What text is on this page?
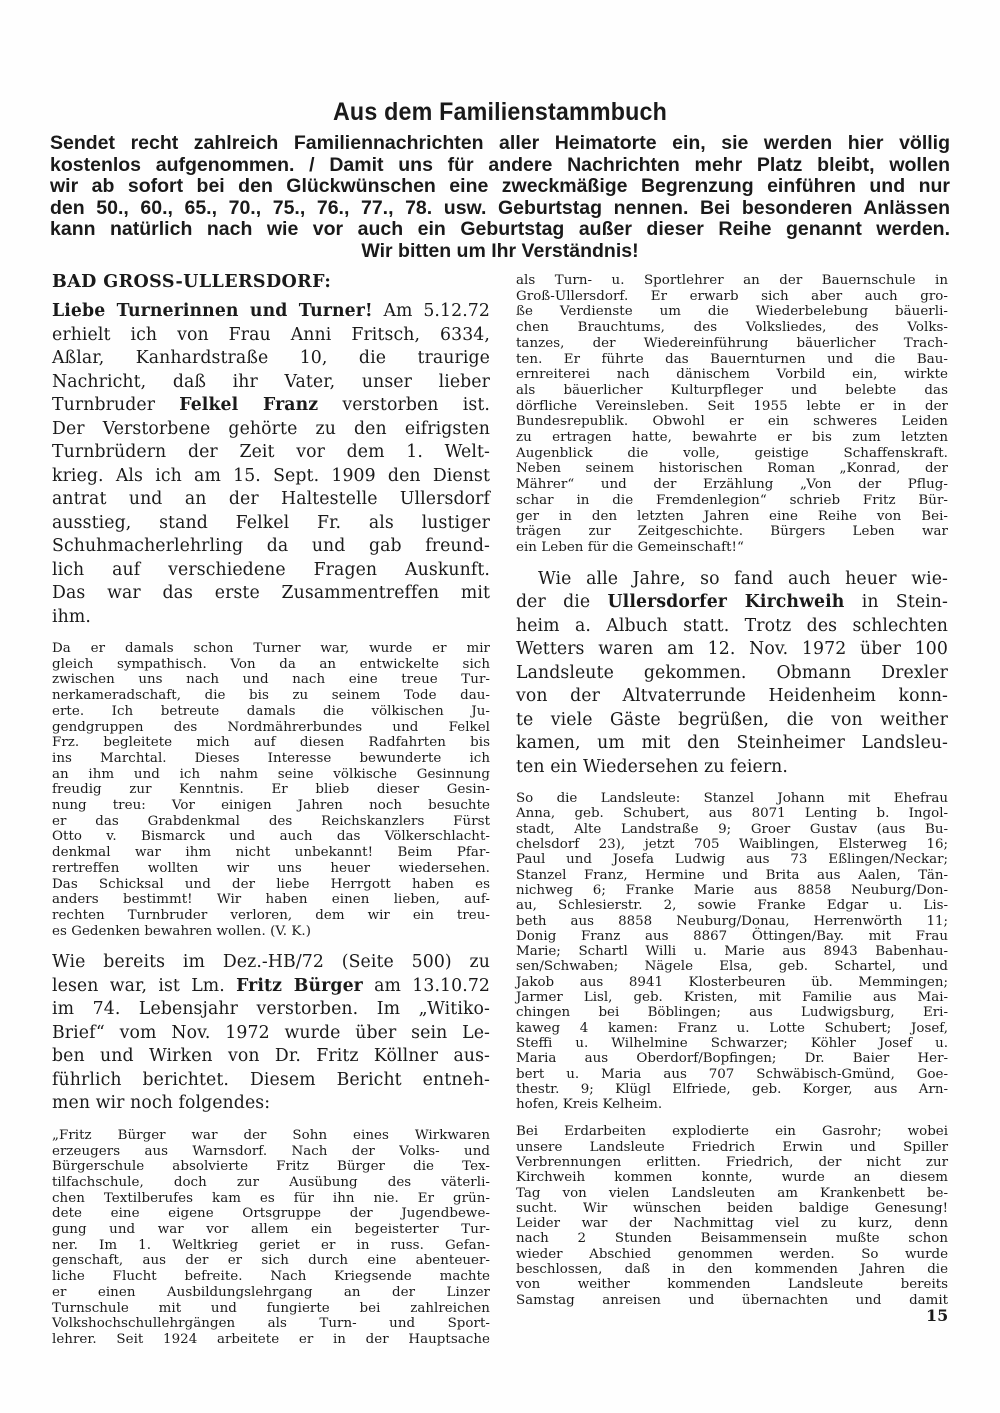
Aus dem Familienstammbuch
Sendet recht zahlreich Familiennachrichten aller Heimatorte ein, sie werden hier völlig
kostenlos aufgenommen. / Damit uns für andere Nachrichten mehr Platz bleibt, wollen
wir ab sofort bei den Glückwünschen eine zweckmäßige Begrenzung einführen und nur
den 50., 60., 65., 70., 75., 76., 77., 78. usw. Geburtstag nennen. Bei besonderen Anlässen
kann natürlich nach wie vor auch ein Geburtstag außer dieser Reihe genannt werden.
Wir bitten um Ihr Verständnis!
BAD GROSS-ULLERSDORF:
Liebe Turnerinnen und Turner! Am 5.12.72
erhielt ich von Frau Anni Fritsch, 6334,
Aßlar, Kanhardstraße 10, die traurige
Nachricht, daß ihr Vater, unser lieber
Turnbruder Felkel Franz verstorben ist.
Der Verstorbene gehörte zu den eifrigsten
Turnbrüdern der Zeit vor dem 1. Welt-
krieg. Als ich am 15. Sept. 1909 den Dienst
antrat und an der Haltestelle Ullersdorf
ausstieg, stand Felkel Fr. als lustiger
Schuhmacherlehrling da und gab freund-
lich auf verschiedene Fragen Auskunft.
Das war das erste Zusammentreffen mit
ihm.
Da er damals schon Turner war, wurde er mir
gleich sympathisch. Von da an entwickelte sich
zwischen uns nach und nach eine treue Tur-
nerkameradschaft, die bis zu seinem Tode dau-
erte. Ich betreute damals die völkischen Ju-
gendgruppen des Nordmährerbundes und Felkel
Frz. begleitete mich auf diesen Radfahrten bis
ins Marchtal. Dieses Interesse bewunderte ich
an ihm und ich nahm seine völkische Gesinnung
freudig zur Kenntnis. Er blieb dieser Gesin-
nung treu: Vor einigen Jahren noch besuchte
er das Grabdenkmal des Reichskanzlers Fürst
Otto v. Bismarck und auch das Völkerschlacht-
denkmal war ihm nicht unbekannt! Beim Pfar-
rertreffen wollten wir uns heuer wiedersehen.
Das Schicksal und der liebe Herrgott haben es
anders bestimmt! Wir haben einen lieben, auf-
rechten Turnbruder verloren, dem wir ein treu-
es Gedenken bewahren wollen. (V. K.)
Wie bereits im Dez.-HB/72 (Seite 500) zu
lesen war, ist Lm. Fritz Bürger am 13.10.72
im 74. Lebensjahr verstorben. Im „Witiko-
Brief“ vom Nov. 1972 wurde über sein Le-
ben und Wirken von Dr. Fritz Köllner aus-
führlich berichtet. Diesem Bericht entneh-
men wir noch folgendes:
„Fritz Bürger war der Sohn eines Wirkwaren
erzeugers aus Warnsdorf. Nach der Volks- und
Bürgerschule absolvierte Fritz Bürger die Tex-
tilfachschule, doch zur Ausübung des väterli-
chen Textilberufes kam es für ihn nie. Er grün-
dete eine eigene Ortsgruppe der Jugendbewe-
gung und war vor allem ein begeisterter Tur-
ner. Im 1. Weltkrieg geriet er in russ. Gefan-
genschaft, aus der er sich durch eine abenteuer-
liche Flucht befreite. Nach Kriegsende machte
er einen Ausbildungslehrgang an der Linzer
Turnschule mit und fungierte bei zahlreichen
Volkshochschullehrgängen als Turn- und Sport-
lehrer. Seit 1924 arbeitete er in der Hauptsache
als Turn- u. Sportlehrer an der Bauernschule in
Groß-Ullersdorf. Er erwarb sich aber auch gro-
ße Verdienste um die Wiederbelebung bäuerli-
chen Brauchtums, des Volksliedes, des Volks-
tanzes, der Wiedereinführung bäuerlicher Trach-
ten. Er führte das Bauernturnen und die Bau-
ernreiterei nach dänischem Vorbild ein, wirkte
als bäuerlicher Kulturpfleger und belebte das
dörfliche Vereinsleben. Seit 1955 lebte er in der
Bundesrepublik. Obwohl er ein schweres Leiden
zu ertragen hatte, bewahrte er bis zum letzten
Augenblick die volle, geistige Schaffenskraft.
Neben seinem historischen Roman „Konrad, der
Mährer“ und der Erzählung „Von der Pflug-
schar in die Fremdenlegion“ schrieb Fritz Bür-
ger in den letzten Jahren eine Reihe von Bei-
trägen zur Zeitgeschichte. Bürgers Leben war
ein Leben für die Gemeinschaft!“
Wie alle Jahre, so fand auch heuer wie-
der die Ullersdorfer Kirchweih in Stein-
heim a. Albuch statt. Trotz des schlechten
Wetters waren am 12. Nov. 1972 über 100
Landsleute gekommen. Obmann Drexler
von der Altvaterrunde Heidenheim konn-
te viele Gäste begrüßen, die von weither
kamen, um mit den Steinheimer Landsleu-
ten ein Wiedersehen zu feiern.
So die Landsleute: Stanzel Johann mit Ehefrau
Anna, geb. Schubert, aus 8071 Lenting b. Ingol-
stadt, Alte Landstraße 9; Groer Gustav (aus Bu-
chelsdorf 23), jetzt 705 Waiblingen, Elsterweg 16;
Paul und Josefa Ludwig aus 73 Eßlingen/Neckar;
Stanzel Franz, Hermine und Brita aus Aalen, Tän-
nichweg 6; Franke Marie aus 8858 Neuburg/Don-
au, Schlesierstr. 2, sowie Franke Edgar u. Lis-
beth aus 8858 Neuburg/Donau, Herrenwörth 11;
Donig Franz aus 8867 Öttingen/Bay. mit Frau
Marie; Schartl Willi u. Marie aus 8943 Babenhau-
sen/Schwaben; Nägele Elsa, geb. Schartel, und
Jakob aus 8941 Klosterbeuren üb. Memmingen;
Jarmer Lisl, geb. Kristen, mit Familie aus Mai-
chingen bei Böblingen; aus Ludwigsburg, Eri-
kaweg 4 kamen: Franz u. Lotte Schubert; Josef,
Steffi u. Wilhelmine Schwarzer; Köhler Josef u.
Maria aus Oberdorf/Bopfingen; Dr. Baier Her-
bert u. Maria aus 707 Schwäbisch-Gmünd, Goe-
thestr. 9; Klügl Elfriede, geb. Korger, aus Arn-
hofen, Kreis Kelheim.
Bei Erdarbeiten explodierte ein Gasrohr; wobei
unsere Landsleute Friedrich Erwin und Spiller
Verbrennungen erlitten. Friedrich, der nicht zur
Kirchweih kommen konnte, wurde an diesem
Tag von vielen Landsleuten am Krankenbett be-
sucht. Wir wünschen beiden baldige Genesung!
Leider war der Nachmittag viel zu kurz, denn
nach 2 Stunden Beisammensein mußte schon
wieder Abschied genommen werden. So wurde
beschlossen, daß in den kommenden Jahren die
von weither kommenden Landsleute bereits
Samstag anreisen und übernachten und damit
15
